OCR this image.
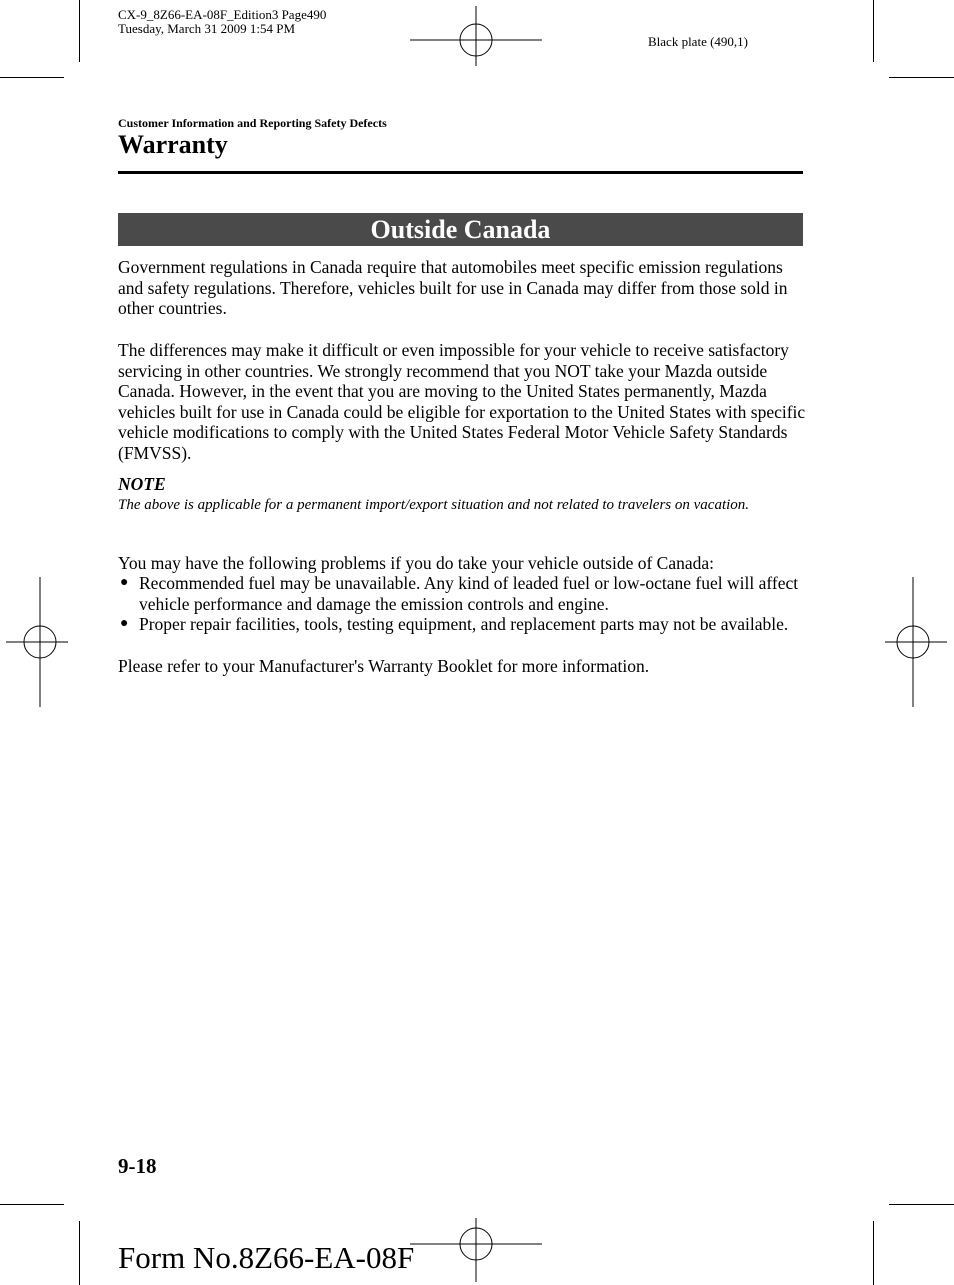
CX-9_8Z66-EA-08F_Edition3 Page490
Tuesday, March 31 2009 1:54 PM
Black plate (490,1)
Customer Information and Reporting Safety Defects
Warranty
Outside Canada
Government regulations in Canada require that automobiles meet specific emission regulations and safety regulations. Therefore, vehicles built for use in Canada may differ from those sold in other countries.
The differences may make it difficult or even impossible for your vehicle to receive satisfactory servicing in other countries. We strongly recommend that you NOT take your Mazda outside Canada. However, in the event that you are moving to the United States permanently, Mazda vehicles built for use in Canada could be eligible for exportation to the United States with specific vehicle modifications to comply with the United States Federal Motor Vehicle Safety Standards (FMVSS).
NOTE
The above is applicable for a permanent import/export situation and not related to travelers on vacation.
You may have the following problems if you do take your vehicle outside of Canada:
● Recommended fuel may be unavailable. Any kind of leaded fuel or low-octane fuel will affect vehicle performance and damage the emission controls and engine.
● Proper repair facilities, tools, testing equipment, and replacement parts may not be available.
Please refer to your Manufacturer's Warranty Booklet for more information.
9-18
Form No.8Z66-EA-08F
